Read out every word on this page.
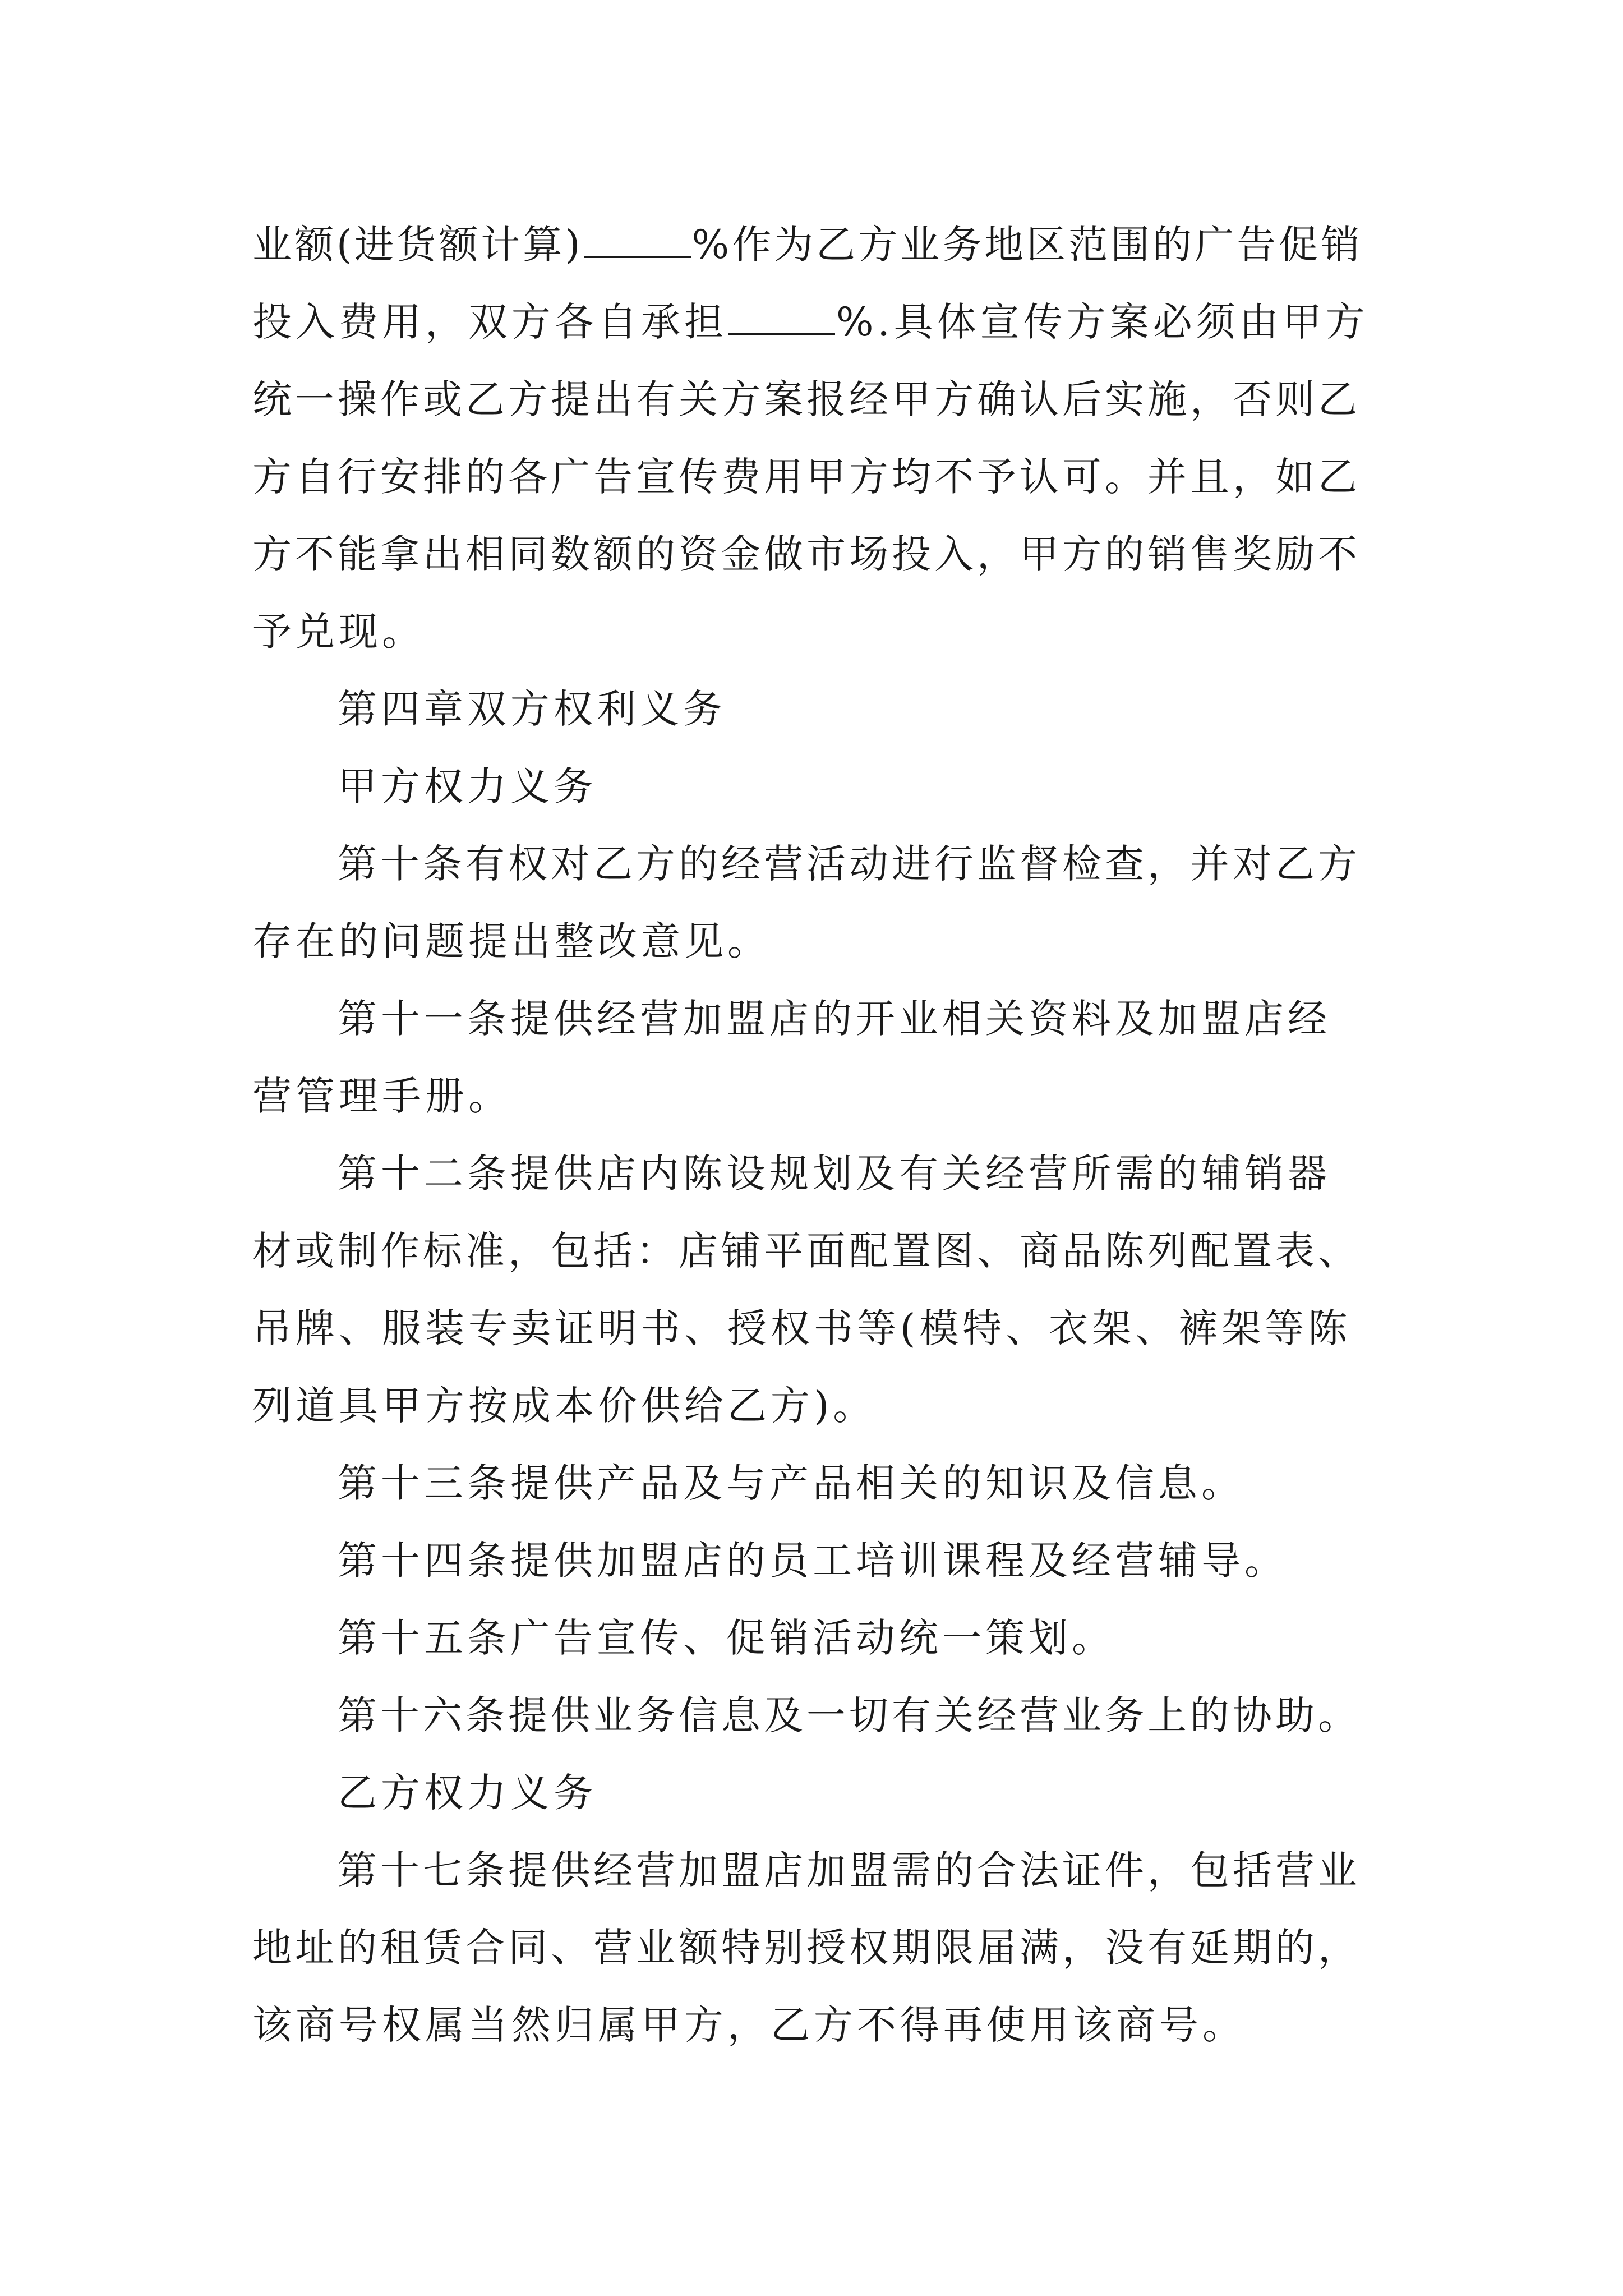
业额(进货额计算)	%作为乙方业务地区范围的广告促销
投入费用，双方各自承担	%.具体宣传方案必须由甲方
统一操作或乙方提出有关方案报经甲方确认后实施，否则乙
方自行安排的各广告宣传费用甲方均不予认可。并且，如乙
方不能拿出相同数额的资金做市场投入，甲方的销售奖励不
予兑现。
第四章双方权利义务
甲方权力义务
第十条有权对乙方的经营活动进行监督检查，并对乙方
存在的问题提出整改意见。
第十一条提供经营加盟店的开业相关资料及加盟店经
营管理手册。
第十二条提供店内陈设规划及有关经营所需的辅销器
材或制作标准，包括：店铺平面配置图、商品陈列配置表、
吊牌、服装专卖证明书、授权书等(模特、衣架、裤架等陈
列道具甲方按成本价供给乙方)。
第十三条提供产品及与产品相关的知识及信息。
第十四条提供加盟店的员工培训课程及经营辅导。
第十五条广告宣传、促销活动统一策划。
第十六条提供业务信息及一切有关经营业务上的协助。
乙方权力义务
第十七条提供经营加盟店加盟需的合法证件，包括营业
地址的租赁合同、营业额特别授权期限届满，没有延期的，
该商号权属当然归属甲方，乙方不得再使用该商号。
